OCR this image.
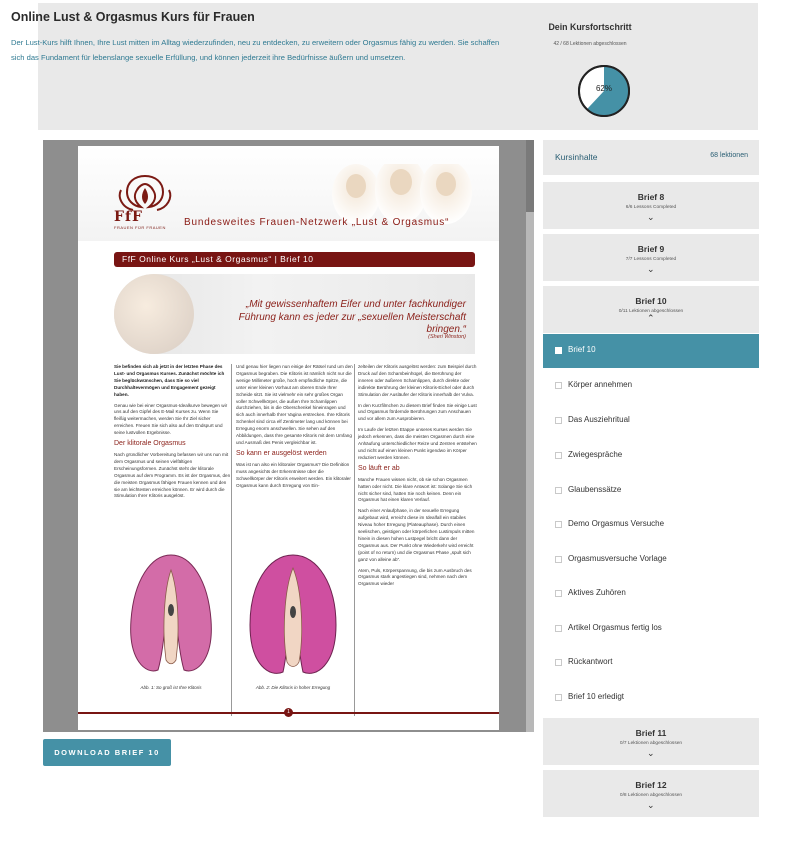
Online Lust & Orgasmus Kurs für Frauen
Der Lust-Kurs hilft Ihnen, Ihre Lust mitten im Alltag wiederzufinden, neu zu entdecken, zu erweitern oder Orgasmus fähig zu werden. Sie schaffen sich das Fundament für lebenslange sexuelle Erfüllung, und können jederzeit ihre Bedürfnisse äußern und umsetzen.
Dein Kursfortschritt
42 / 68 Lektionen abgeschlossen
62%
FfF
FRAUEN FÜR FRAUEN Bundesweites Frauen-Netzwerk „Lust & Orgasmus“
FfF Online Kurs „Lust & Orgasmus“ | Brief 10
„Mit gewissenhaftem Eifer und unter fachkundiger Führung kann es jeder zur „sexuellen Meisterschaft bringen.“
(Sheri Winston)

Sie befinden sich ab jetzt in der letzten Phase des Lust- und Orgasmus Kurses. Zunächst möchte ich Sie beglückwünschen, dass Sie so viel Durchhaltevermögen und Engagement gezeigt haben.

Genau wie bei einer Orgasmus-Idealkurve bewegen wir uns auf den Gipfel des E-Mail Kurses zu. Wenn Sie fleißig weitermachen, werden Sie Ihr Ziel sicher erreichen. Freuen Sie sich also auf den Endspurt und seine lustvollen Ergebnisse.

Der klitorale Orgasmus

Nach gründlicher Vorbereitung befassen wir uns nun mit dem Orgasmus und seinen vielfältigen Erscheinungsformen. Zunächst steht der klitorale Orgasmus auf dem Programm. Es ist der Orgasmus, den die meisten Orgasmus fähigen Frauen kennen und den sie am leichtesten erreichen können. Er wird durch die Stimulation Ihrer Klitoris ausgelöst.

Und genau hier liegen nun einige der Rätsel rund um den Orgasmus begraben. Die Klitoris ist nämlich nicht nur die wenige Millimeter große, hoch empfindliche Spitze, die unter einer kleinen Vorhaut am oberen Ende Ihrer Scheide sitzt. Sie ist vielmehr ein sehr großes Organ voller Schwellkörper, die außen Ihre Schamlippen durchziehen, bis in die Oberschenkel hineinragen und sich auch innerhalb Ihrer Vagina erstrecken. Ihre Klitoris Schenkel sind circa elf Zentimeter lang und können bei Erregung enorm anschwellen. Sie sehen auf den Abbildungen, dass Ihre gesamte Klitoris mit dem Umfang und Ausmaß des Penis vergleichbar ist.

So kann er ausgelöst werden

Was ist nun also ein klitoraler Orgasmus? Die Definition muss angesichts der Erkenntnisse über die Schwellkörper der Klitoris erweitert werden. Ein klitoraler Orgasmus kann durch Erregung von Ein-

zelteilen der Klitoris ausgelöst werden: zum Beispiel durch Druck auf den Schambeinhügel, die Berührung der inneren oder äußeren Schamlippen, durch direkte oder indirekte Berührung der kleinen Klitoris-Eichel oder durch Stimulation der Ausläufer der Klitoris innerhalb der Vulva.

In den Kurzfilmchen zu diesem Brief finden Sie einige Lust und Orgasmus fördernde Berührungen zum Anschauen und vor allem zum Ausprobieren.

Im Laufe der letzten Etappe unseres Kurses werden Sie jedoch erkennen, dass die meisten Orgasmen durch eine Anhäufung unterschiedlicher Reize und Zentren entstehen und nicht auf einen kleinen Punkt irgendwo im Körper reduziert werden können.

So läuft er ab

Manche Frauen wissen nicht, ob sie schon Orgasmen hatten oder nicht. Die klare Antwort ist: Solange Sie sich nicht sicher sind, hatten Sie noch keinen. Denn ein Orgasmus hat einen klaren Verlauf.

Nach einer Anlaufphase, in der sexuelle Erregung aufgebaut wird, erreicht diese im Idealfall ein stabiles Niveau hoher Erregung (Plateauphase). Durch einen seelischen, geistigen oder körperlichen Lustimpuls mitten hinein in diesen hohen Lustpegel bricht dann der Orgasmus aus. Der Punkt ohne Wiederkehr wird erreicht (point of no return) und die Orgasmus Phase „spult sich ganz von alleine ab“.

Atem, Puls, Körperspannung, die bis zum Ausbruch des Orgasmus stark angestiegen sind, nehmen nach dem Orgasmus wieder

Abb. 1: So groß ist Ihre Klitoris	Abb. 2: Die Klitoris in hoher Erregung
1
DOWNLOAD BRIEF 10
Kursinhalte	68 lektionen
Brief 8
6/6 Lessons Completed
⌄
Brief 9
7/7 Lessons Completed
⌄
Brief 10
0/11 Lektionen abgeschlossen
⌃
Brief 10
Körper annehmen
Das Ausziehritual
Zwiegespräche
Glaubenssätze
Demo Orgasmus Versuche
Orgasmusversuche Vorlage
Aktives Zuhören
Artikel Orgasmus fertig los
Rückantwort
Brief 10 erledigt
Brief 11
0/7 Lektionen abgeschlossen
⌄
Brief 12
0/8 Lektionen abgeschlossen
⌄
